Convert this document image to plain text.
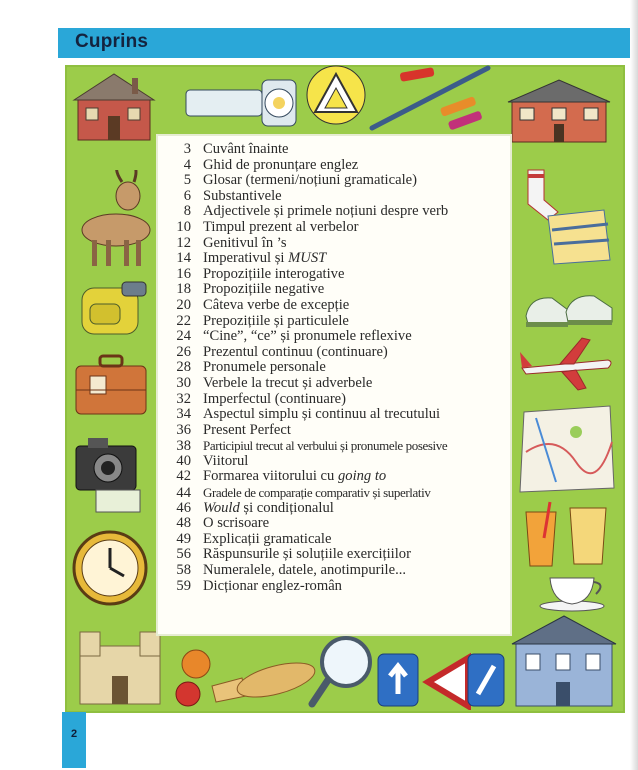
Cuprins
3 Cuvânt înainte
4 Ghid de pronunțare englez
5 Glosar (termeni/noțiuni gramaticale)
6 Substantivele
8 Adjectivele și primele noțiuni despre verb
10 Timpul prezent al verbelor
12 Genitivul în ’s
14 Imperativul și MUST
16 Propozițiile interogative
18 Propozițiile negative
20 Câteva verbe de excepție
22 Prepozițiile și particulele
24 “Cine”, “ce” și pronumele reflexive
26 Prezentul continuu (continuare)
28 Pronumele personale
30 Verbele la trecut și adverbele
32 Imperfectul (continuare)
34 Aspectul simplu și continuu al trecutului
36 Present Perfect
38 Participiul trecut al verbului și pronumele posesive
40 Viitorul
42 Formarea viitorului cu going to
44 Gradele de comparație comparativ și superlativ
46 Would și condiționalul
48 O scrisoare
49 Explicații gramaticale
56 Răspunsurile și soluțiile exercițiilor
58 Numeralele, datele, anotimpurile...
59 Dicționar englez-român
2
